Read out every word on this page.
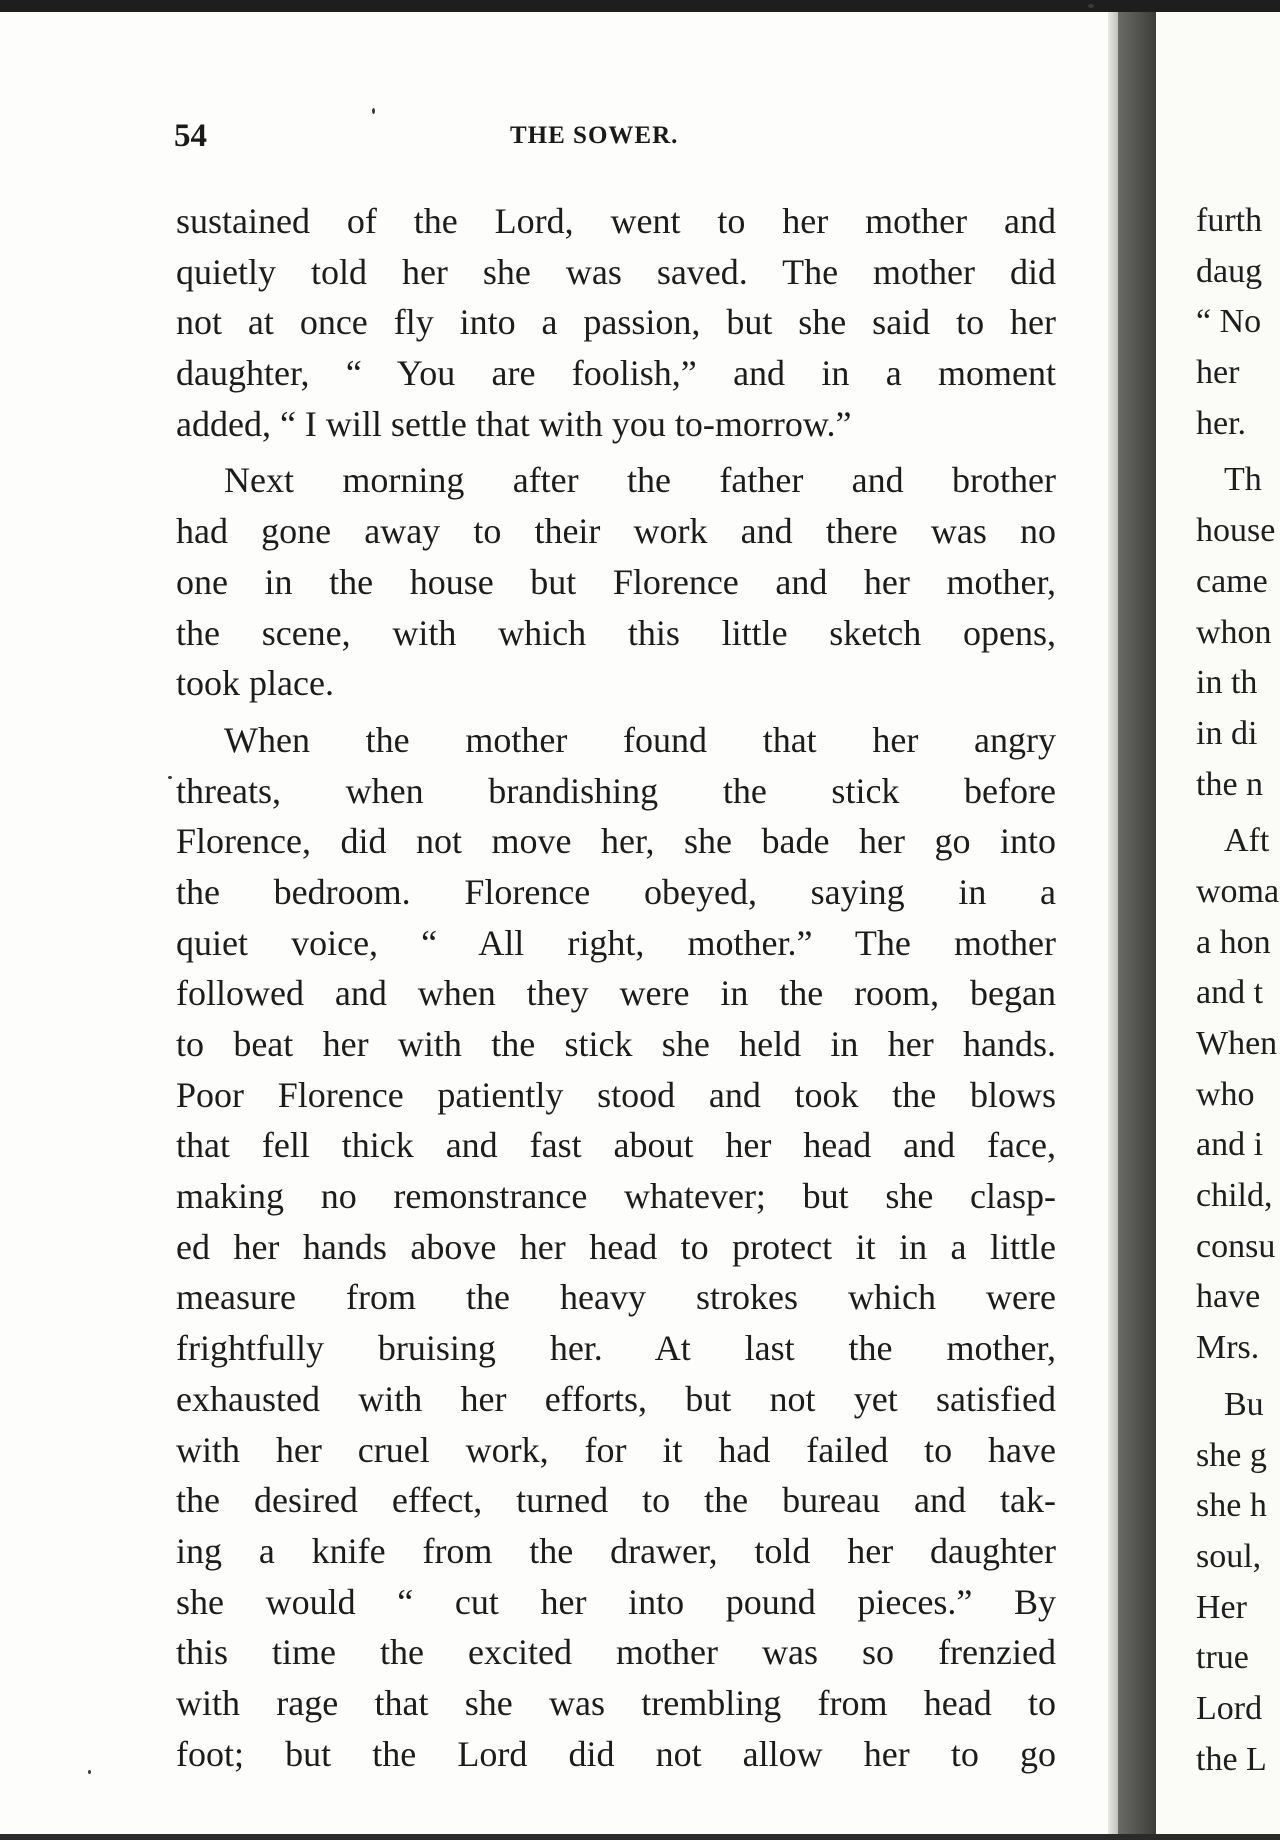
54	THE SOWER.
sustained of the Lord, went to her mother and
quietly told her she was saved. The mother did
not at once fly into a passion, but she said to her
daughter, “ You are foolish,” and in a moment
added, “ I will settle that with you to-morrow.”
Next morning after the father and brother
had gone away to their work and there was no
one in the house but Florence and her mother,
the scene, with which this little sketch opens,
took place.
When the mother found that her angry
threats, when brandishing the stick before
Florence, did not move her, she bade her go into
the bedroom. Florence obeyed, saying in a
quiet voice, “ All right, mother.” The mother
followed and when they were in the room, began
to beat her with the stick she held in her hands.
Poor Florence patiently stood and took the blows
that fell thick and fast about her head and face,
making no remonstrance whatever; but she clasp-
ed her hands above her head to protect it in a little
measure from the heavy strokes which were
frightfully bruising her. At last the mother,
exhausted with her efforts, but not yet satisfied
with her cruel work, for it had failed to have
the desired effect, turned to the bureau and tak-
ing a knife from the drawer, told her daughter
she would “ cut her into pound pieces.” By
this time the excited mother was so frenzied
with rage that she was trembling from head to
foot; but the Lord did not allow her to go
furth
daug
“ No
her
her.
Th
house
came
whon
in th
in di
the n
Aft
woma
a hon
and t
When
who
and i
child,
consu
have
Mrs.
Bu
she g
she h
soul,
Her
true
Lord
the L
